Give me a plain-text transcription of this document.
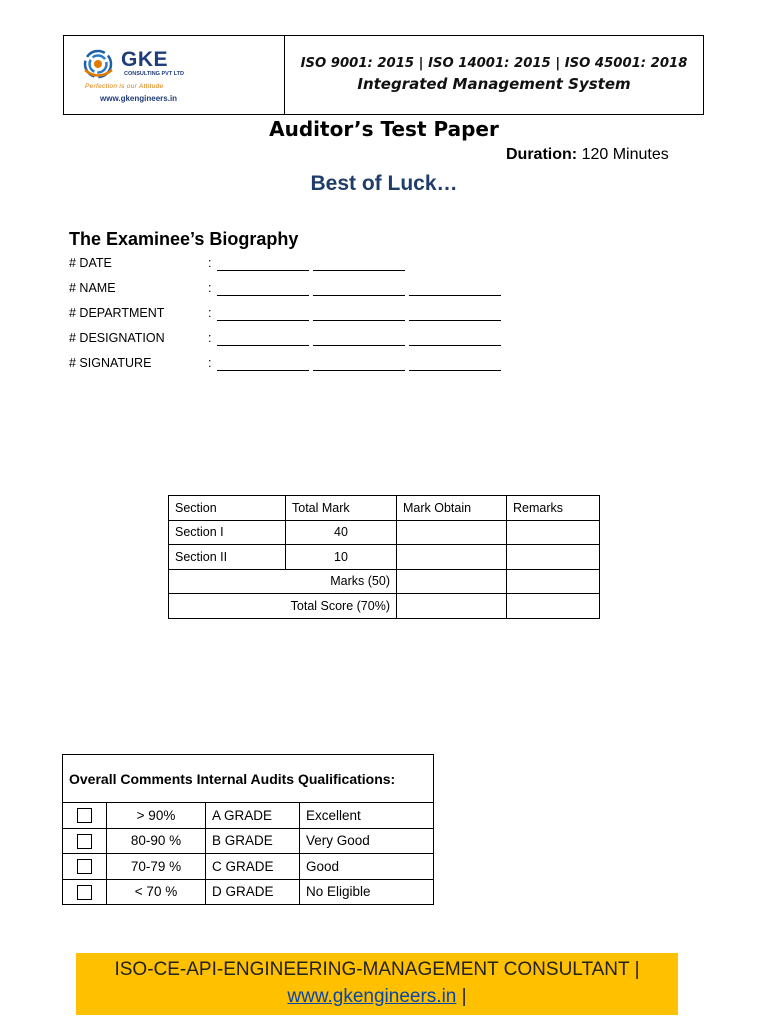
GKE
CONSULTING PVT LTD
Perfection is our Attitude
www.gkengineers.in
ISO 9001: 2015 | ISO 14001: 2015 | ISO 45001: 2018
Integrated Management System
Auditor’s Test Paper
Duration: 120 Minutes
Best of Luck…
The Examinee’s Biography
# DATE	:
# NAME	:
# DEPARTMENT	:
# DESIGNATION	:
# SIGNATURE	:
Section	Total Mark	Mark Obtain	Remarks
Section I	40		
Section II	10		
Marks (50)			
Total Score (70%)			
Overall Comments Internal Audits Qualifications:			
	> 90%	A GRADE	Excellent
	80-90 %	B GRADE	Very Good
	70-79 %	C GRADE	Good
	< 70 %	D GRADE	No Eligible
ISO-CE-API-ENGINEERING-MANAGEMENT CONSULTANT |
www.gkengineers.in |
